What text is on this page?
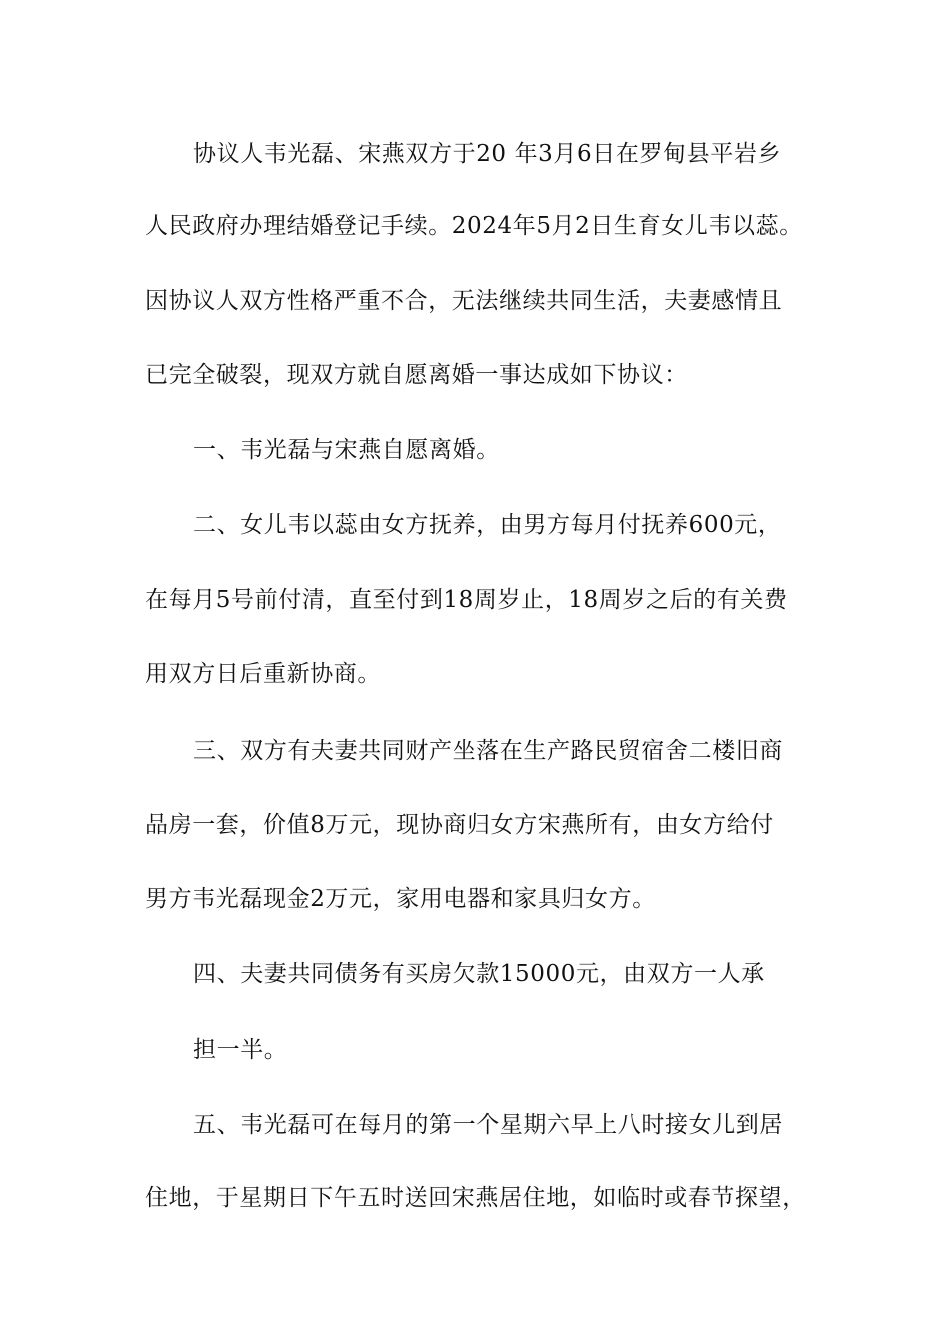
协议人韦光磊、宋燕双方于20 年3月6日在罗甸县平岩乡
人民政府办理结婚登记手续。2024年5月2日生育女儿韦以蕊。
因协议人双方性格严重不合，无法继续共同生活，夫妻感情且
已完全破裂，现双方就自愿离婚一事达成如下协议：
一、韦光磊与宋燕自愿离婚。
二、女儿韦以蕊由女方抚养，由男方每月付抚养600元，
在每月5号前付清，直至付到18周岁止，18周岁之后的有关费
用双方日后重新协商。
三、双方有夫妻共同财产坐落在生产路民贸宿舍二楼旧商
品房一套，价值8万元，现协商归女方宋燕所有，由女方给付
男方韦光磊现金2万元，家用电器和家具归女方。
四、夫妻共同债务有买房欠款15000元，由双方一人承
担一半。
五、韦光磊可在每月的第一个星期六早上八时接女儿到居
住地，于星期日下午五时送回宋燕居住地，如临时或春节探望，
